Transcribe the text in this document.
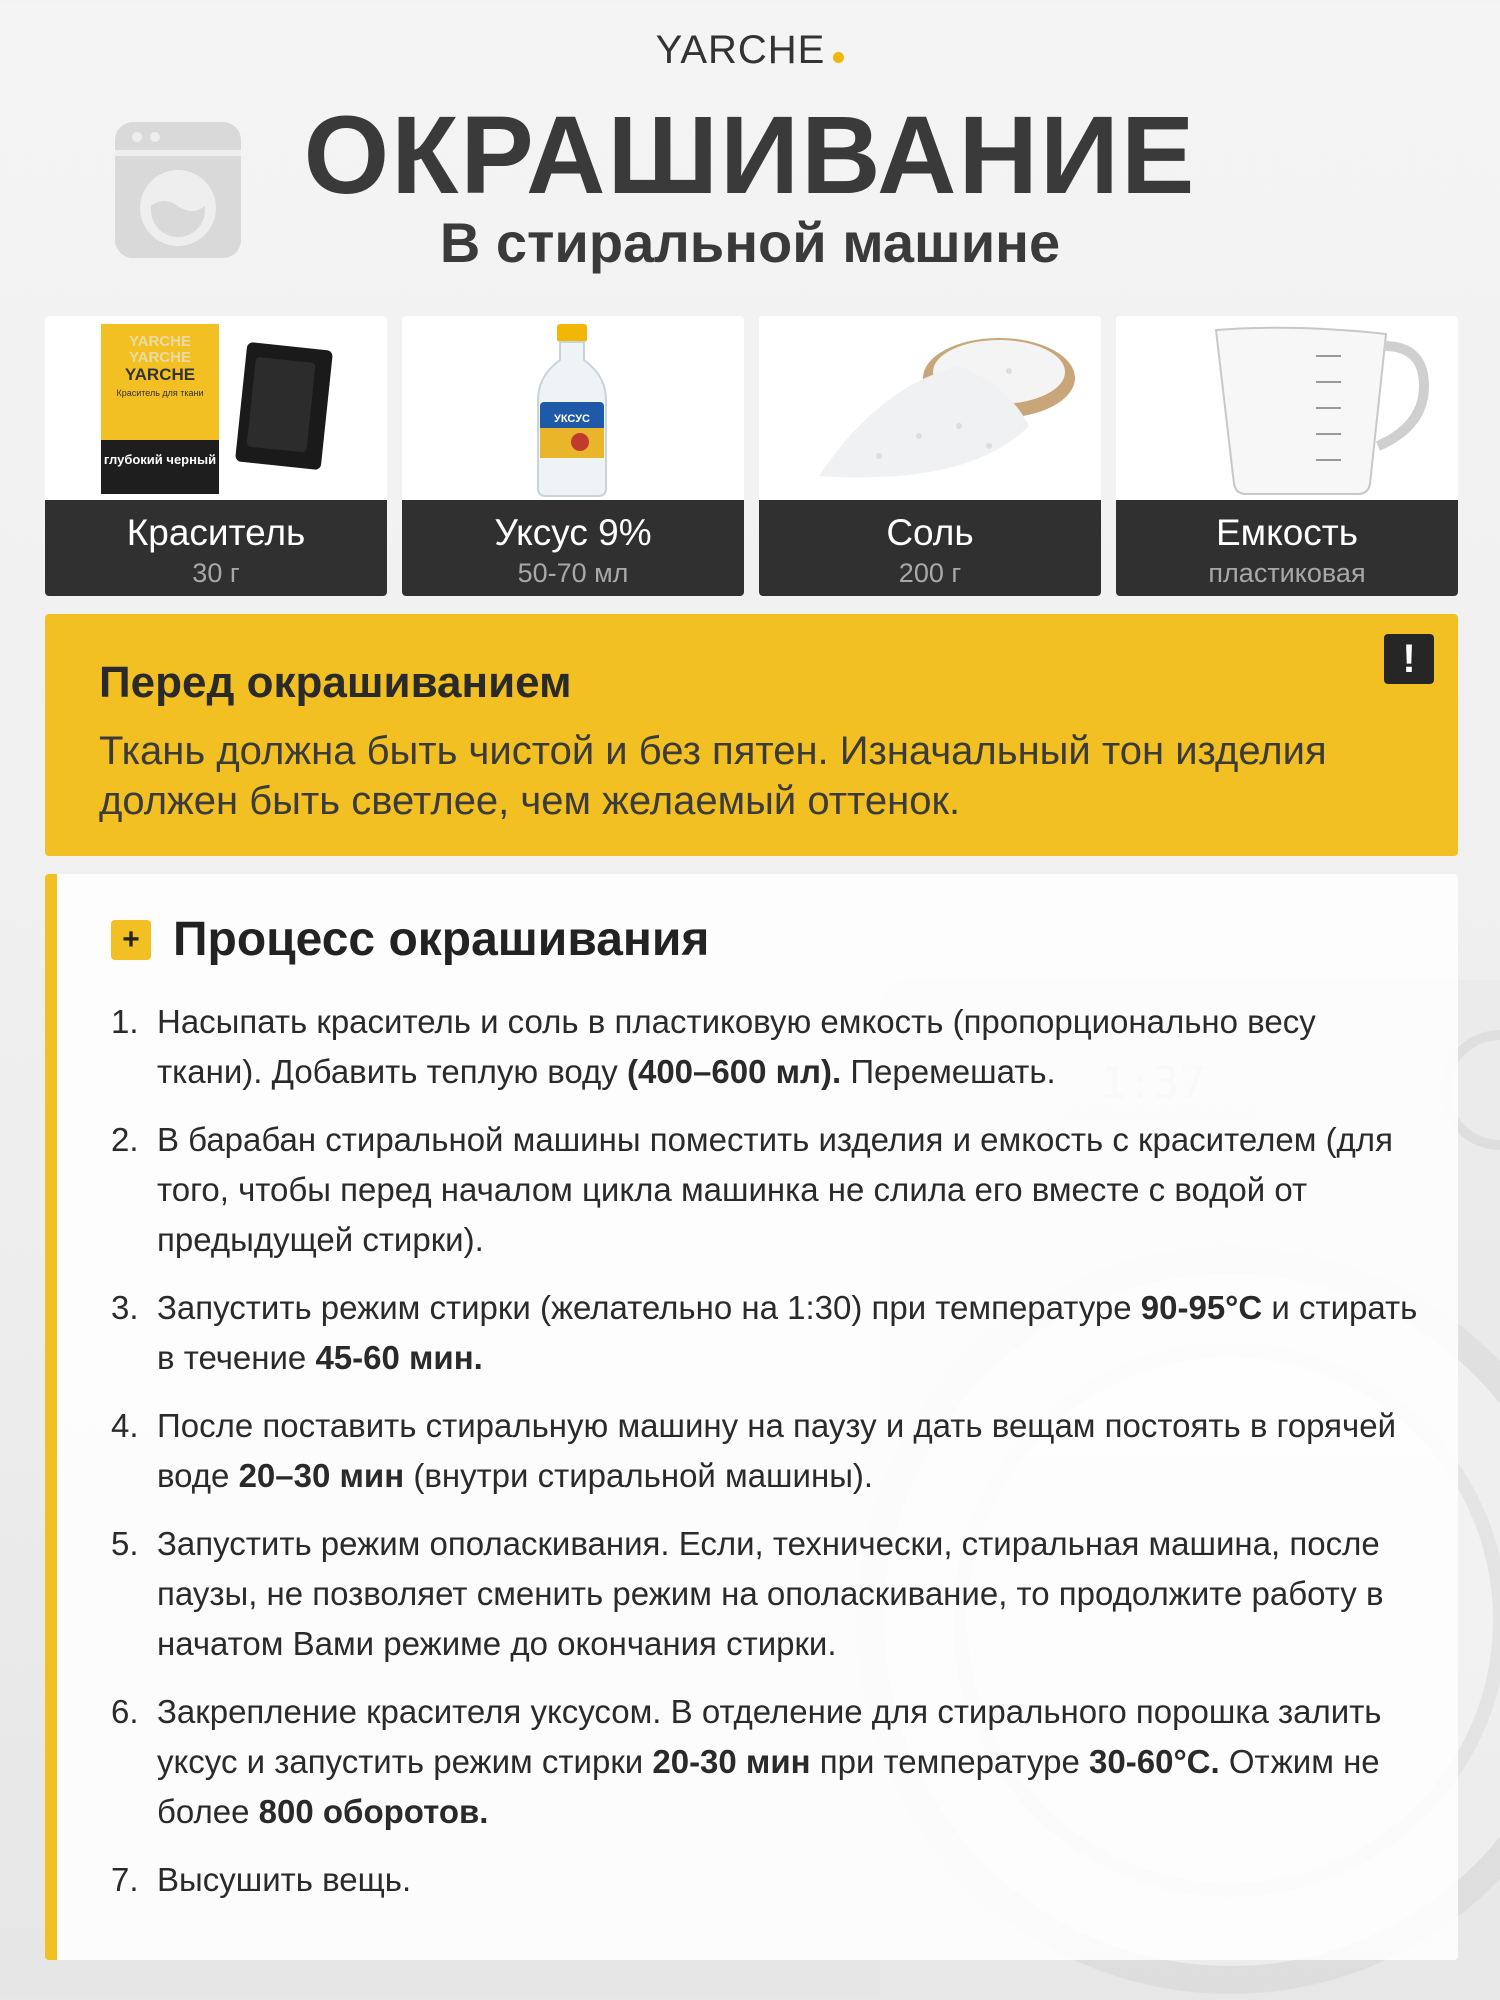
YARCHE
ОКРАШИВАНИЕ
В стиральной машине
YARCHE
YARCHE
YARCHE
Краситель для ткани
глубокий черный
Краситель
30 г
УКСУС
Уксус 9%
50-70 мл
Соль
200 г
Емкость
пластиковая
!
Перед окрашиванием
Ткань должна быть чистой и без пятен. Изначальный тон изделия должен быть светлее, чем желаемый оттенок.
+ Процесс окрашивания
1. Насыпать краситель и соль в пластиковую емкость (пропорционально весу ткани). Добавить теплую воду (400–600 мл). Перемешать.
2. В барабан стиральной машины поместить изделия и емкость с красителем (для того, чтобы перед началом цикла машинка не слила его вместе с водой от предыдущей стирки).
3. Запустить режим стирки (желательно на 1:30) при температуре 90-95°C и стирать в течение 45-60 мин.
4. После поставить стиральную машину на паузу и дать вещам постоять в горячей воде 20–30 мин (внутри стиральной машины).
5. Запустить режим ополаскивания. Если, технически, стиральная машина, после паузы, не позволяет сменить режим на ополаскивание, то продолжите работу в начатом Вами режиме до окончания стирки.
6. Закрепление красителя уксусом. В отделение для стирального порошка залить уксус и запустить режим стирки 20-30 мин при температуре 30-60°C. Отжим не более 800 оборотов.
7. Высушить вещь.
